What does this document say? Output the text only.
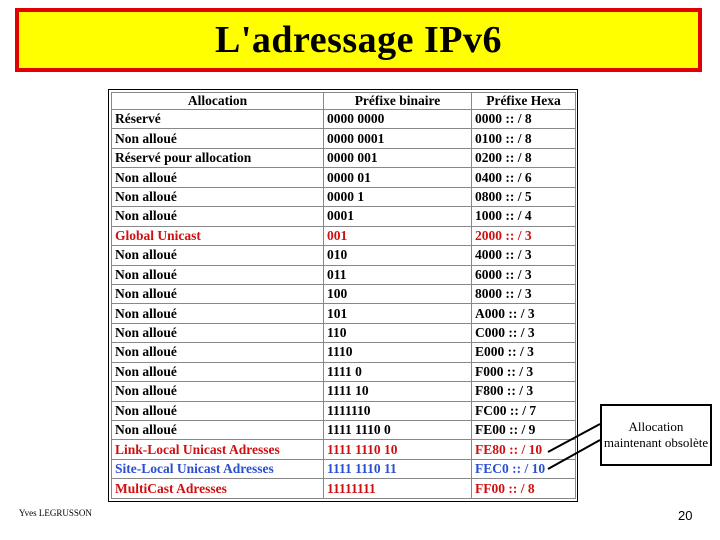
L'adressage IPv6
Allocation	Préfixe binaire	Préfixe Hexa
Réservé	0000 0000	0000 :: / 8
Non alloué	0000 0001	0100 :: / 8
Réservé pour allocation	0000 001	0200 :: / 8
Non alloué	0000 01	0400 :: / 6
Non alloué	0000 1	0800 :: / 5
Non alloué	0001	1000 :: / 4
Global Unicast	001	2000 :: / 3
Non alloué	010	4000 :: / 3
Non alloué	011	6000 :: / 3
Non alloué	100	8000 :: / 3
Non alloué	101	A000 :: / 3
Non alloué	110	C000 :: / 3
Non alloué	1110	E000 :: / 3
Non alloué	1111 0	F000 :: / 3
Non alloué	1111 10	F800 :: / 3
Non alloué	1111110	FC00 :: / 7
Non alloué	1111 1110 0	FE00 :: / 9
Link-Local Unicast Adresses	1111 1110 10	FE80 :: / 10
Site-Local Unicast Adresses	1111 1110 11	FEC0 :: / 10
MultiCast Adresses	11111111	FF00 :: / 8
Allocation maintenant obsolète
Yves LEGRUSSON	20
